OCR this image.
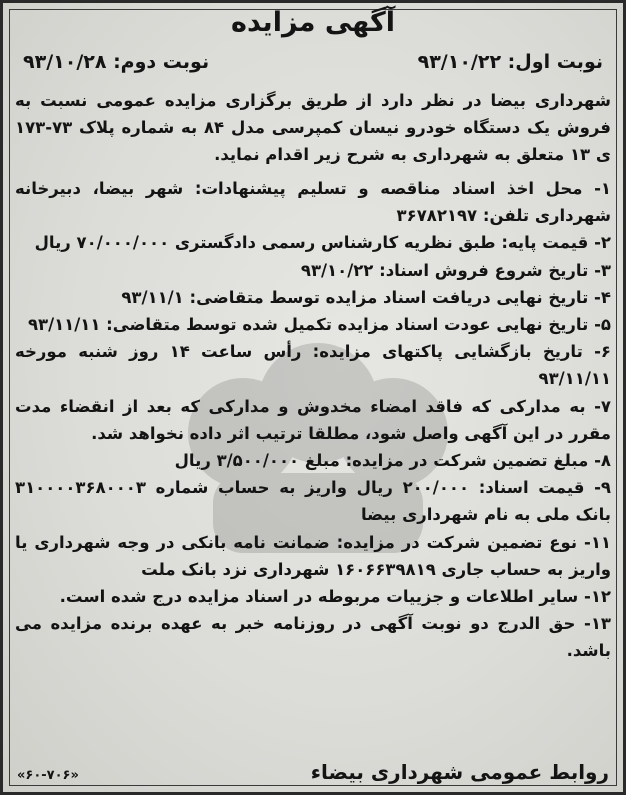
آگهی مزایده
نوبت اول: ۹۳/۱۰/۲۲
نوبت دوم: ۹۳/۱۰/۲۸
شهرداری بیضا در نظر دارد از طریق برگزاری مزایده عمومی نسبت به فروش یک دستگاه خودرو نیسان کمپرسی مدل ۸۴ به شماره پلاک ۷۳-۱۷۳ ی ۱۳ متعلق به شهرداری به شرح زیر اقدام نماید.

۱- محل اخذ اسناد مناقصه و تسلیم پیشنهادات: شهر بیضا، دبیرخانه شهرداری تلفن: ۳۶۷۸۲۱۹۷

۲- قیمت پایه: طبق نظریه کارشناس رسمی دادگستری ۷۰/۰۰۰/۰۰۰ ریال

۳- تاریخ شروع فروش اسناد: ۹۳/۱۰/۲۲

۴- تاریخ نهایی دریافت اسناد مزایده توسط متقاضی: ۹۳/۱۱/۱

۵- تاریخ نهایی عودت اسناد مزایده تکمیل شده توسط متقاضی: ۹۳/۱۱/۱۱

۶- تاریخ بازگشایی پاکتهای مزایده: رأس ساعت ۱۴ روز شنبه مورخه ۹۳/۱۱/۱۱

۷- به مدارکی که فاقد امضاء مخدوش و مدارکی که بعد از انقضاء مدت مقرر در این آگهی واصل شود، مطلقا ترتیب اثر داده نخواهد شد.

۸- مبلغ تضمین شرکت در مزایده: مبلغ ۳/۵۰۰/۰۰۰ ریال

۹- قیمت اسناد: ۲۰۰/۰۰۰ ریال واریز به حساب شماره ۳۱۰۰۰۰۳۶۸۰۰۰۳ بانک ملی به نام شهرداری بیضا

۱۱- نوع تضمین شرکت در مزایده: ضمانت نامه بانکی در وجه شهرداری یا واریز به حساب جاری ۱۶۰۶۶۳۹۸۱۹ شهرداری نزد بانک ملت

۱۲- سایر اطلاعات و جزییات مربوطه در اسناد مزایده درج شده است.

۱۳- حق الدرج دو نوبت آگهی در روزنامه خبر به عهده برنده مزایده می باشد.

روابط عمومی شهرداری بیضاء
«۶۰-۷۰۶»
